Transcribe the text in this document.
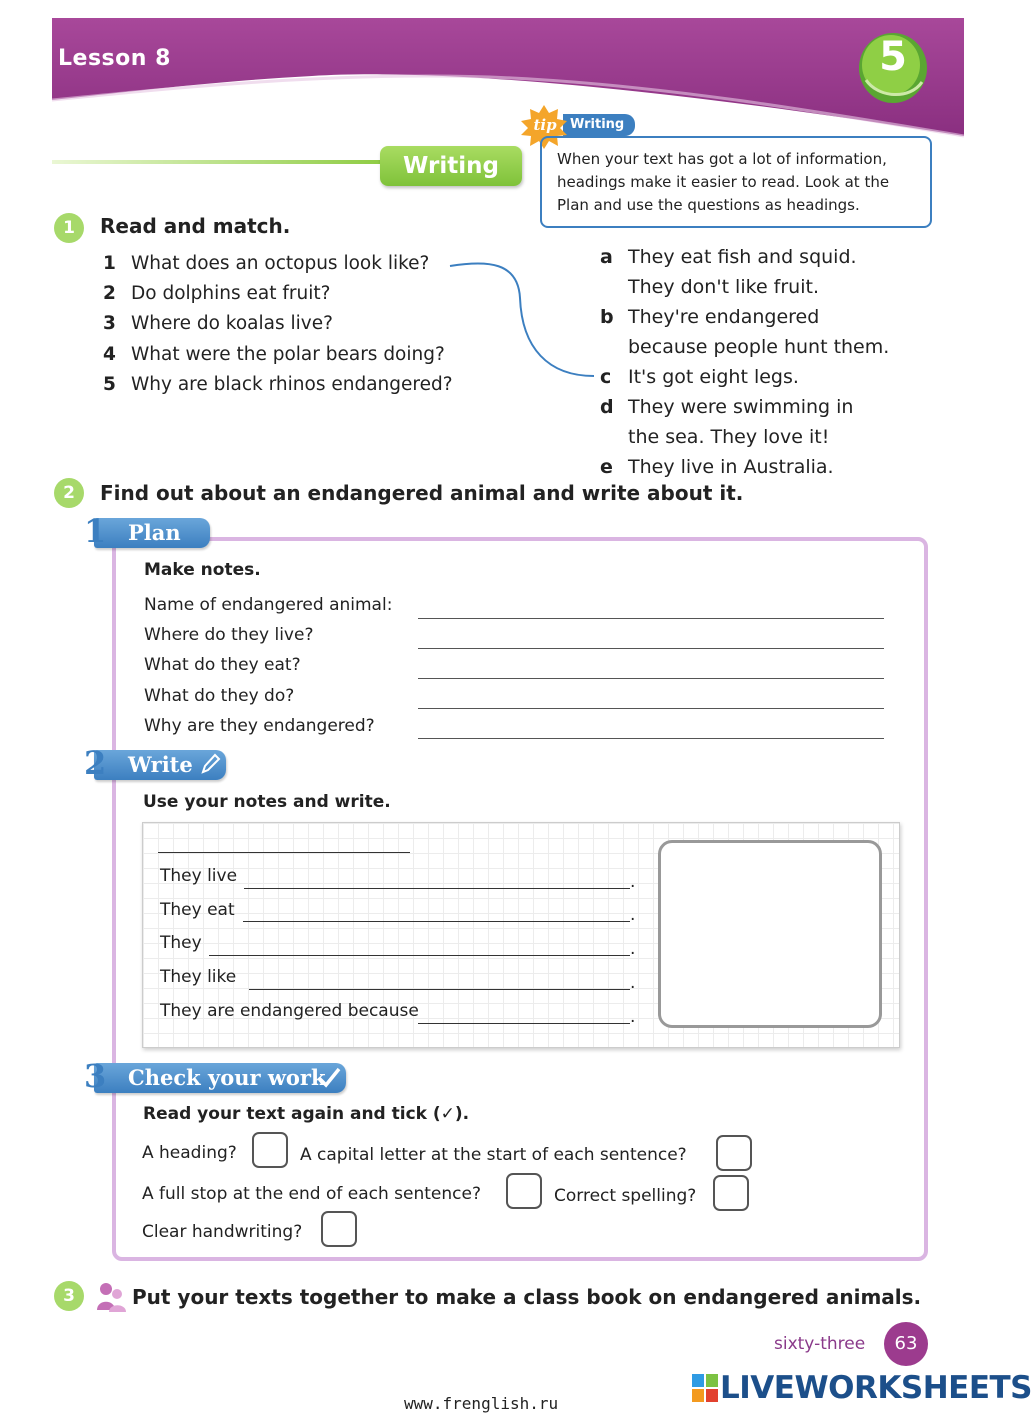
Lesson 8	5
Writing
Writing
tip
When your text has got a lot of information,
headings make it easier to read. Look at the
Plan and use the questions as headings.
1	Read and match.
1 What does an octopus look like?
2 Do dolphins eat fruit?
3 Where do koalas live?
4 What were the polar bears doing?
5 Why are black rhinos endangered?
a They eat fish and squid.
They don't like fruit.
b They're endangered
because people hunt them.
c It's got eight legs.
d They were swimming in
the sea. They love it!
e They live in Australia.
2	Find out about an endangered animal and write about it.
Plan
1
Make notes.
Name of endangered animal:
Where do they live?
What do they eat?
What do they do?
Why are they endangered?
Write
2
Use your notes and write.
They live	.
They eat	.
They	.
They like	.
They are endangered because	.
Check your work
3
Read your text again and tick (✓).
A heading?	A capital letter at the start of each sentence?
A full stop at the end of each sentence?	Correct spelling?
Clear handwriting?
3	Put your texts together to make a class book on endangered animals.
sixty-three	63
LIVEWORKSHEETS
www.frenglish.ru
